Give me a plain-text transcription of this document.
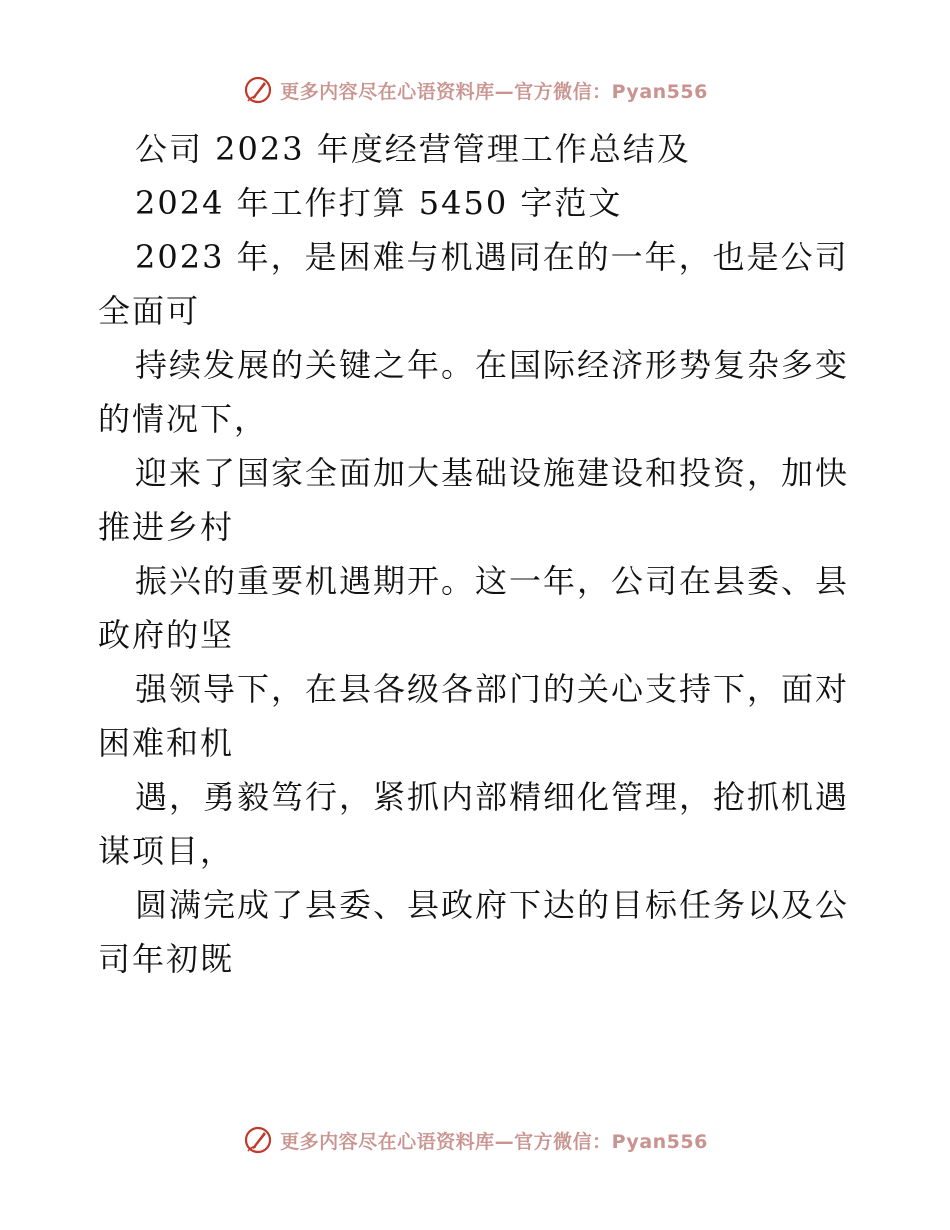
更多内容尽在心语资料库—官方微信：Pyan556
公司 2023 年度经营管理工作总结及
2024 年工作打算 5450 字范文
2023 年，是困难与机遇同在的一年，也是公司
全面可
持续发展的关键之年。在国际经济形势复杂多变
的情况下，
迎来了国家全面加大基础设施建设和投资，加快
推进乡村
振兴的重要机遇期开。这一年，公司在县委、县
政府的坚
强领导下，在县各级各部门的关心支持下，面对
困难和机
遇，勇毅笃行，紧抓内部精细化管理，抢抓机遇
谋项目，
圆满完成了县委、县政府下达的目标任务以及公
司年初既
更多内容尽在心语资料库—官方微信：Pyan556
